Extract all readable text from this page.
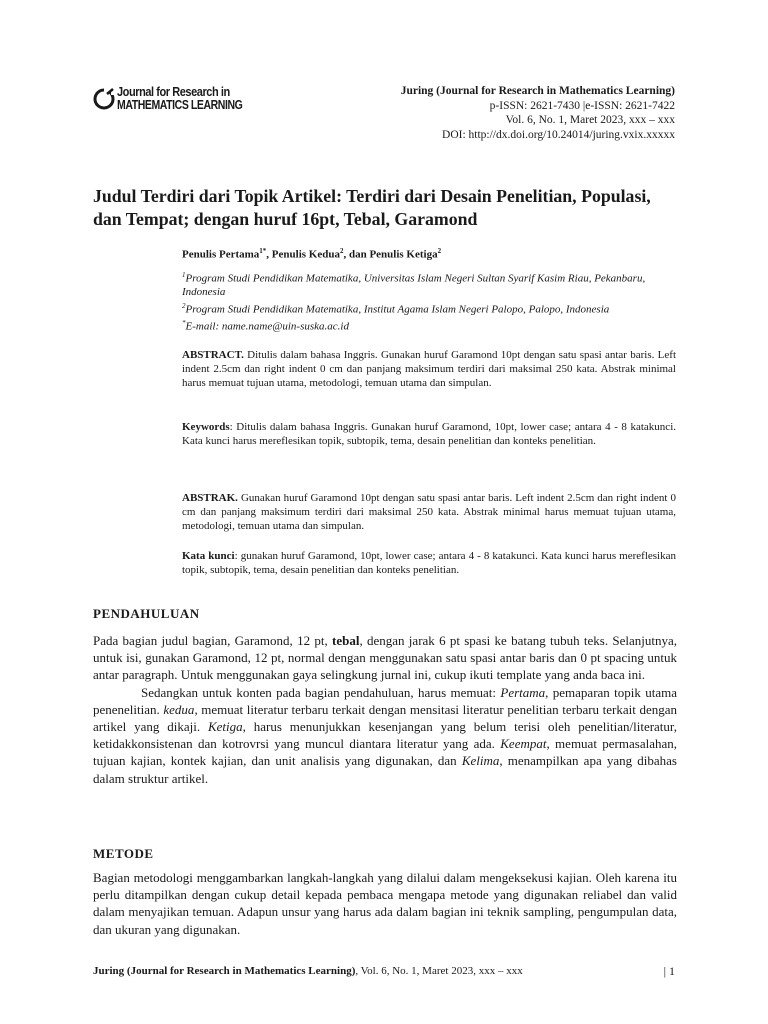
Journal for Research in
MATHEMATICS LEARNING
Juring (Journal for Research in Mathematics Learning)
p-ISSN: 2621-7430 |e-ISSN: 2621-7422
Vol. 6, No. 1, Maret 2023, xxx – xxx
DOI: http://dx.doi.org/10.24014/juring.vxix.xxxxx
Judul Terdiri dari Topik Artikel: Terdiri dari Desain Penelitian, Populasi, dan Tempat; dengan huruf 16pt, Tebal, Garamond
Penulis Pertama$^{1*}$, Penulis Kedua$^2$, dan Penulis Ketiga$^2$
$^1$Program Studi Pendidikan Matematika, Universitas Islam Negeri Sultan Syarif Kasim Riau, Pekanbaru, Indonesia
$^2$Program Studi Pendidikan Matematika, Institut Agama Islam Negeri Palopo, Palopo, Indonesia
*E-mail: name.name@uin-suska.ac.id
ABSTRACT. Ditulis dalam bahasa Inggris. Gunakan huruf Garamond 10pt dengan satu spasi antar baris. Left indent 2.5cm dan right indent 0 cm dan panjang maksimum terdiri dari maksimal 250 kata. Abstrak minimal harus memuat tujuan utama, metodologi, temuan utama dan simpulan.
Keywords: Ditulis dalam bahasa Inggris. Gunakan huruf Garamond, 10pt, lower case; antara 4 - 8 katakunci. Kata kunci harus mereflesikan topik, subtopik, tema, desain penelitian dan konteks penelitian.
ABSTRAK. Gunakan huruf Garamond 10pt dengan satu spasi antar baris. Left indent 2.5cm dan right indent 0 cm dan panjang maksimum terdiri dari maksimal 250 kata. Abstrak minimal harus memuat tujuan utama, metodologi, temuan utama dan simpulan.
Kata kunci: gunakan huruf Garamond, 10pt, lower case; antara 4 - 8 katakunci. Kata kunci harus mereflesikan topik, subtopik, tema, desain penelitian dan konteks penelitian.
PENDAHULUAN

Pada bagian judul bagian, Garamond, 12 pt, tebal, dengan jarak 6 pt spasi ke batang tubuh teks. Selanjutnya, untuk isi, gunakan Garamond, 12 pt, normal dengan menggunakan satu spasi antar baris dan 0 pt spacing untuk antar paragraph. Untuk menggunakan gaya selingkung jurnal ini, cukup ikuti template yang anda baca ini.

Sedangkan untuk konten pada bagian pendahuluan, harus memuat: Pertama, pemaparan topik utama penenelitian. kedua, memuat literatur terbaru terkait dengan mensitasi literatur penelitian terbaru terkait dengan artikel yang dikaji. Ketiga, harus menunjukkan kesenjangan yang belum terisi oleh penelitian/literatur, ketidakkonsistenan dan kotrovrsi yang muncul diantara literatur yang ada. Keempat, memuat permasalahan, tujuan kajian, kontek kajian, dan unit analisis yang digunakan, dan Kelima, menampilkan apa yang dibahas dalam struktur artikel.

METODE

Bagian metodologi menggambarkan langkah-langkah yang dilalui dalam mengeksekusi kajian. Oleh karena itu perlu ditampilkan dengan cukup detail kepada pembaca mengapa metode yang digunakan reliabel dan valid dalam menyajikan temuan. Adapun unsur yang harus ada dalam bagian ini teknik sampling, pengumpulan data, dan ukuran yang digunakan.

Juring (Journal for Research in Mathematics Learning), Vol. 6, No. 1, Maret 2023, xxx – xxx	| 1
